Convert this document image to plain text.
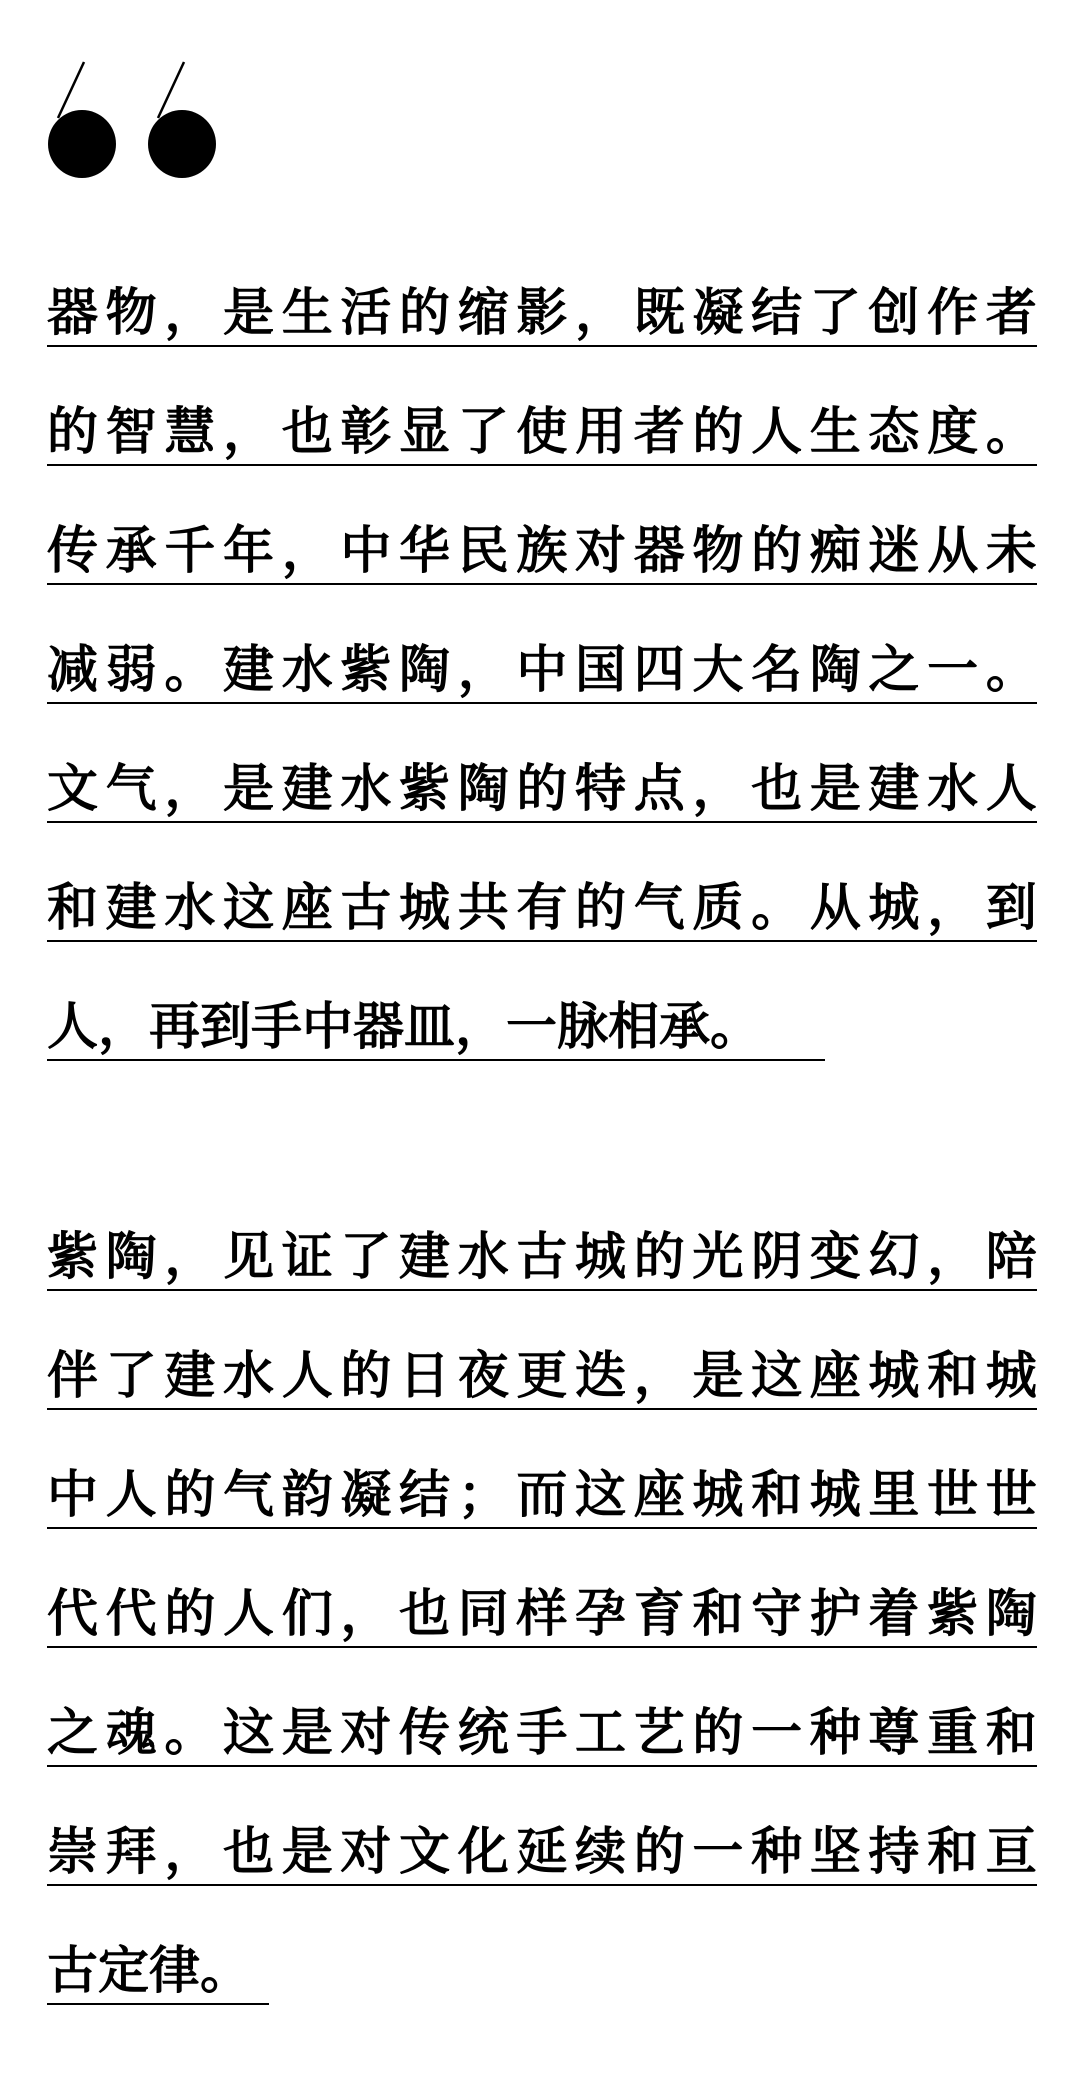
器 物 ， 是 生 活 的 缩 影 ， 既 凝 结 了 创 作 者
的 智 慧 ， 也 彰 显 了 使 用 者 的 人 生 态 度 。
传 承 千 年 ， 中 华 民 族 对 器 物 的 痴 迷 从 未
减 弱 。 建 水 紫 陶 ， 中 国 四 大 名 陶 之 一 。
文 气 ， 是 建 水 紫 陶 的 特 点 ， 也 是 建 水 人
和 建 水 这 座 古 城 共 有 的 气 质 。 从 城 ， 到
人，再到手中器皿，一脉相承。
紫 陶 ， 见 证 了 建 水 古 城 的 光 阴 变 幻 ， 陪
伴 了 建 水 人 的 日 夜 更 迭 ， 是 这 座 城 和 城
中 人 的 气 韵 凝 结 ； 而 这 座 城 和 城 里 世 世
代 代 的 人 们 ， 也 同 样 孕 育 和 守 护 着 紫 陶
之 魂 。 这 是 对 传 统 手 工 艺 的 一 种 尊 重 和
崇 拜 ， 也 是 对 文 化 延 续 的 一 种 坚 持 和 亘
古定律。
